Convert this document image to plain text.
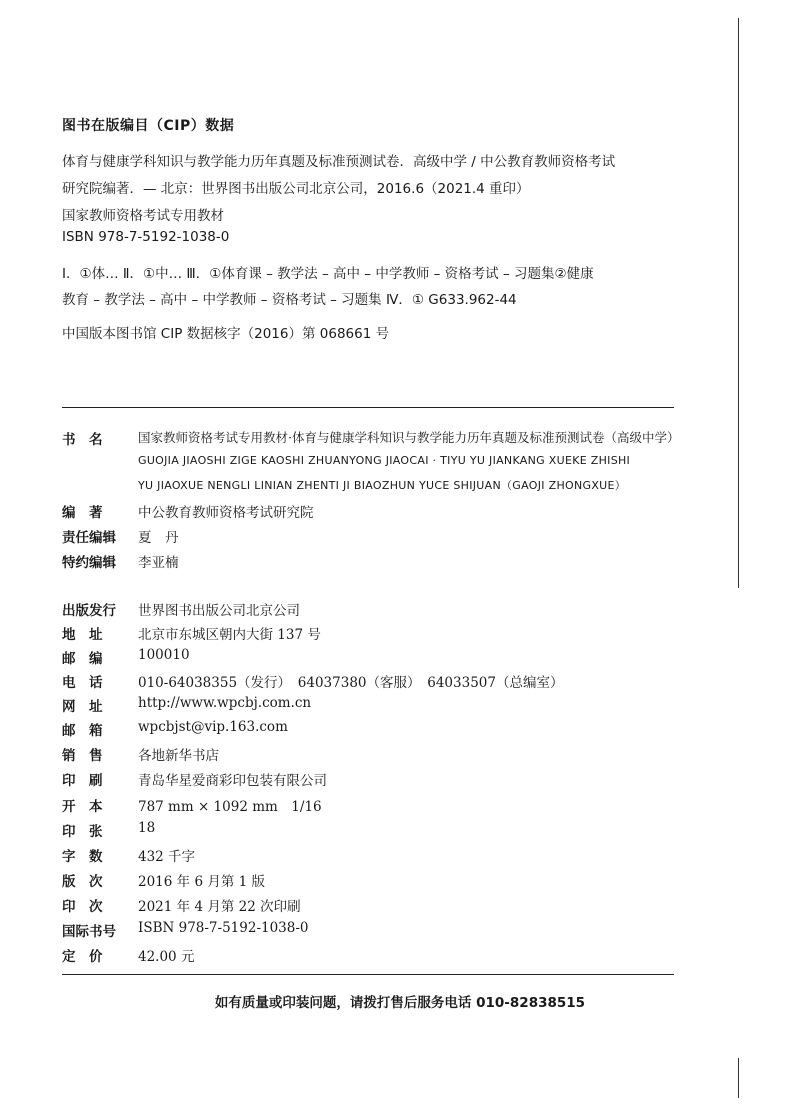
图书在版编目（CIP）数据
体育与健康学科知识与教学能力历年真题及标准预测试卷．高级中学 / 中公教育教师资格考试
研究院编著．— 北京：世界图书出版公司北京公司，2016.6（2021.4 重印）
国家教师资格考试专用教材
ISBN 978-7-5192-1038-0
Ⅰ．①体… Ⅱ．①中… Ⅲ．①体育课 – 教学法 – 高中 – 中学教师 – 资格考试 – 习题集②健康
教育 – 教学法 – 高中 – 中学教师 – 资格考试 – 习题集 Ⅳ．① G633.962-44
中国版本图书馆 CIP 数据核字（2016）第 068661 号
书　名	国家教师资格考试专用教材·体育与健康学科知识与教学能力历年真题及标准预测试卷（高级中学）
GUOJIA JIAOSHI ZIGE KAOSHI ZHUANYONG JIAOCAI · TIYU YU JIANKANG XUEKE ZHISHI
YU JIAOXUE NENGLI LINIAN ZHENTI JI BIAOZHUN YUCE SHIJUAN（GAOJI ZHONGXUE）
编　著	中公教育教师资格考试研究院
责任编辑	夏　丹
特约编辑	李亚楠
出版发行	世界图书出版公司北京公司
地　址	北京市东城区朝内大街 137 号
邮　编	100010
电　话	010-64038355（发行）　64037380（客服）　64033507（总编室）
网　址	http://www.wpcbj.com.cn
邮　箱	wpcbjst@vip.163.com
销　售	各地新华书店
印　刷	青岛华星爱商彩印包装有限公司
开　本	787 mm × 1092 mm　1/16
印　张	18
字　数	432 千字
版　次	2016 年 6 月第 1 版
印　次	2021 年 4 月第 22 次印刷
国际书号	ISBN 978-7-5192-1038-0
定　价	42.00 元
如有质量或印装问题，请拨打售后服务电话 010-82838515
